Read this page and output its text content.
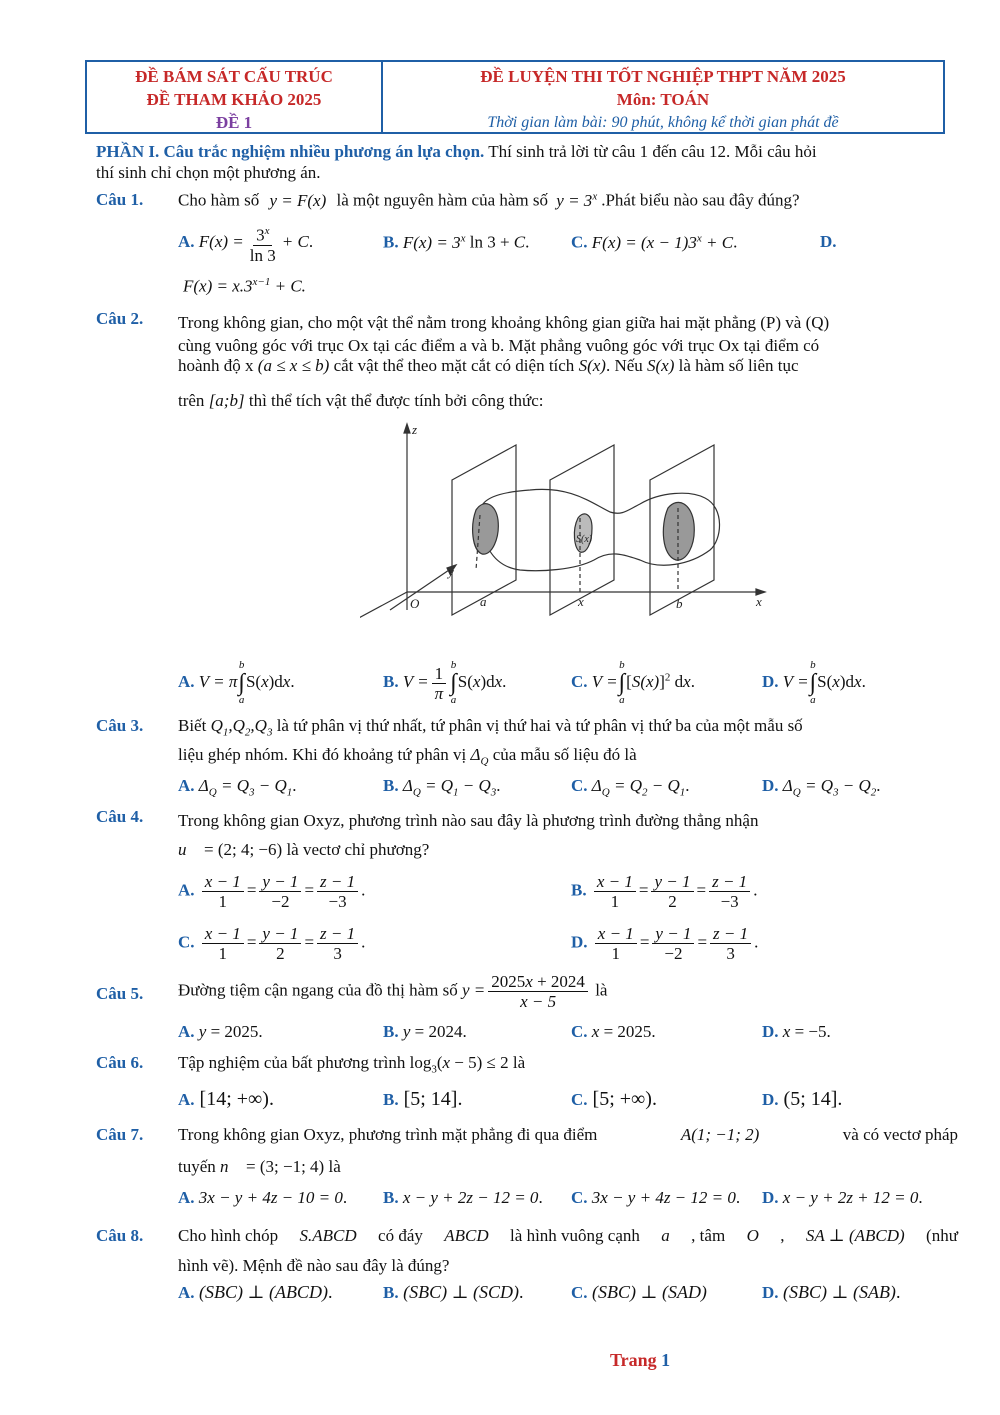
ĐỀ BÁM SÁT CẤU TRÚC
ĐỀ THAM KHẢO 2025
ĐỀ 1
ĐỀ LUYỆN THI TỐT NGHIỆP THPT NĂM 2025
Môn: TOÁN
Thời gian làm bài: 90 phút, không kể thời gian phát đề
PHẦN I. Câu trắc nghiệm nhiều phương án lựa chọn. Thí sinh trả lời từ câu 1 đến câu 12. Mỗi câu hỏi
thí sinh chỉ chọn một phương án.
Câu 1. Cho hàm số y = F(x) là một nguyên hàm của hàm số $y = 3^x$ .Phát biểu nào sau đây đúng?
A. $F(x) = \frac{3^x}{\ln 3} + C$.	B. $F(x) = 3^x$ ln 3 + C. C. $F(x) = (x - 1)3^x + C$.	D.
$F(x) = x.3^{x-1} + C$.
Câu 2. Trong không gian, cho một vật thể nằm trong khoảng không gian giữa hai mặt phẳng (P) và (Q)
cùng vuông góc với trục Ox tại các điểm a và b. Mặt phẳng vuông góc với trục Ox tại điểm có
hoành độ x (a ≤ x ≤ b) cắt vật thể theo mặt cắt có diện tích S(x). Nếu S(x) là hàm số liên tục
trên [a;b] thì thể tích vật thể được tính bởi công thức:
z
y
x
O	a	x	b
S(x)
A. V = π
b
∫
a
S(x)dx.	B. $V = \frac{1}{\pi}$ b
∫
a
S(x)dx.	C. V =
b
∫
a
$[S(x)]^2$ dx.	D. V =
b
∫
a
S(x)dx.
Câu 3. Biết $Q_1,Q_2,Q_3$ là tứ phân vị thứ nhất, tứ phân vị thứ hai và tứ phân vị thứ ba của một mẫu số
liệu ghép nhóm. Khi đó khoảng tứ phân vị $\Delta_Q$ của mẫu số liệu đó là
A. $\Delta_Q = Q_3 - Q_1$.	B. $\Delta_Q = Q_1 - Q_3$.	C. $\Delta_Q = Q_2 - Q_1$.	D. $\Delta_Q = Q_3 - Q_2$.
Câu 4. Trong không gian Oxyz, phương trình nào sau đây là phương trình đường thẳng nhận
u⃗ = (2; 4; −6) là vectơ chỉ phương?
A. $\frac{x - 1}{1} = \frac{y - 1}{-2} = \frac{z - 1}{-3}$ .	B. $\frac{x - 1}{1} = \frac{y - 1}{2} = \frac{z - 1}{-3}$ .
C. $\frac{x - 1}{1} = \frac{y - 1}{2} = \frac{z - 1}{3}$ .	D. $\frac{x - 1}{1} = \frac{y - 1}{-2} = \frac{z - 1}{3}$ .
Câu 5. Đường tiệm cận ngang của đồ thị hàm số $y = \frac{2025x + 2024}{x - 5}$ là
A. y = 2025.	B. y = 2024.	C. x = 2025.	D. x = −5.
Câu 6. Tập nghiệm của bất phương trình $\log_3(x - 5) \le 2$ là
A. [14; +∞).	B. [5; 14].	C. [5; +∞).	D. (5; 14].
Câu 7. Trong không gian Oxyz, phương trình mặt phẳng đi qua điểm	A(1; −1; 2)	và có vectơ pháp
tuyến n⃗ = (3; −1; 4) là
A. 3x − y + 4z − 10 = 0. B. x − y + 2z − 12 = 0. C. 3x − y + 4z − 12 = 0. D. x − y + 2z + 12 = 0.
Câu 8. Cho hình chóp S.ABCD có đáy ABCD là hình vuông cạnh a , tâm O , SA ⊥ (ABCD) (như
hình vẽ). Mệnh đề nào sau đây là đúng?
A. (SBC) ⊥ (ABCD).	B. (SBC) ⊥ (SCD).	C. (SBC) ⊥ (SAD)	D. (SBC) ⊥ (SAB).
Trang 1
